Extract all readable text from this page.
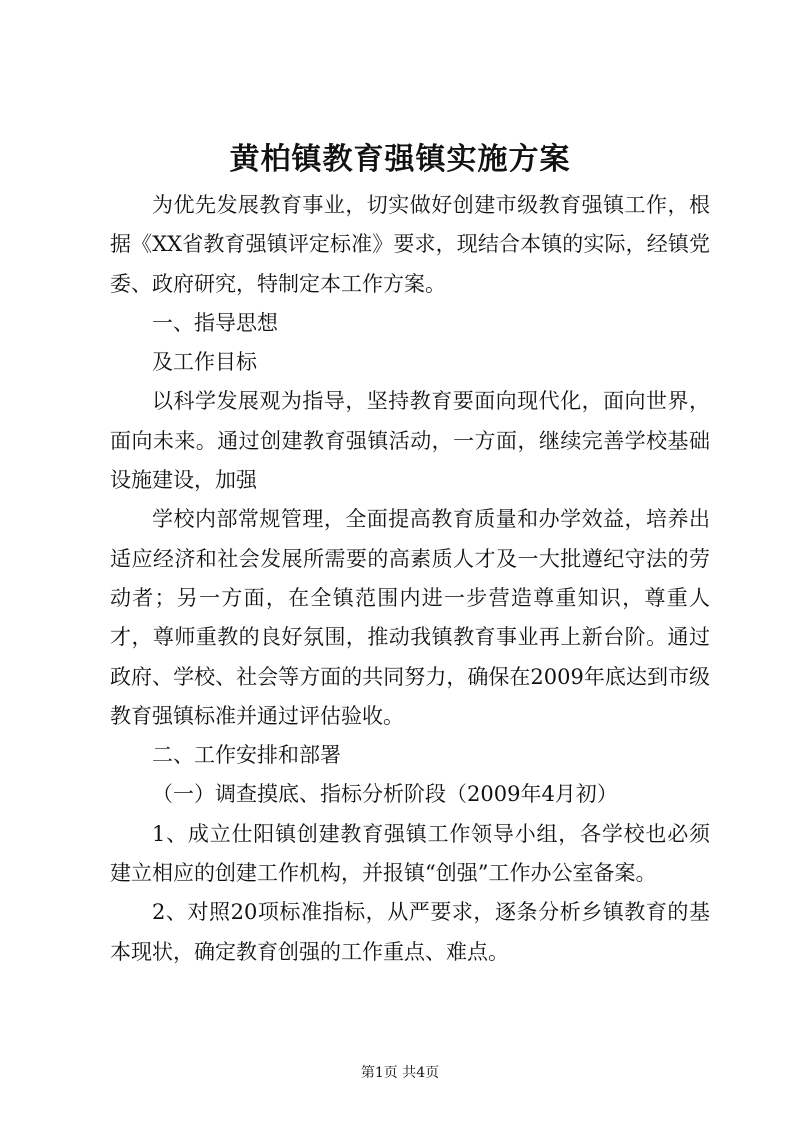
黄柏镇教育强镇实施方案

为优先发展教育事业，切实做好创建市级教育强镇工作，根据《XX省教育强镇评定标准》要求，现结合本镇的实际，经镇党委、政府研究，特制定本工作方案。

一、指导思想

及工作目标

以科学发展观为指导，坚持教育要面向现代化，面向世界，面向未来。通过创建教育强镇活动，一方面，继续完善学校基础设施建设，加强

学校内部常规管理，全面提高教育质量和办学效益，培养出适应经济和社会发展所需要的高素质人才及一大批遵纪守法的劳动者；另一方面，在全镇范围内进一步营造尊重知识，尊重人才，尊师重教的良好氛围，推动我镇教育事业再上新台阶。通过政府、学校、社会等方面的共同努力，确保在2009年底达到市级教育强镇标准并通过评估验收。

二、工作安排和部署

（一）调查摸底、指标分析阶段（2009年4月初）

1、成立仕阳镇创建教育强镇工作领导小组，各学校也必须建立相应的创建工作机构，并报镇“创强”工作办公室备案。

2、对照20项标准指标，从严要求，逐条分析乡镇教育的基本现状，确定教育创强的工作重点、难点。

第1页 共4页
